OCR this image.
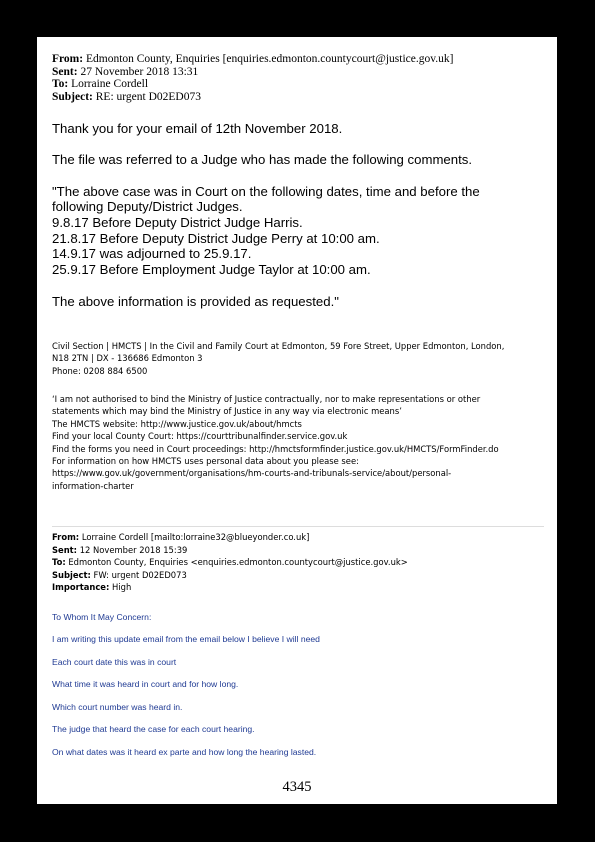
From: Edmonton County, Enquiries [enquiries.edmonton.countycourt@justice.gov.uk]
Sent: 27 November 2018 13:31
To: Lorraine Cordell
Subject: RE: urgent D02ED073
Thank you for your email of 12th November 2018.
The file was referred to a Judge who has made the following comments.
"The above case was in Court on the following dates, time and before the
following Deputy/District Judges.
9.8.17 Before Deputy District Judge Harris.
21.8.17 Before Deputy District Judge Perry at 10:00 am.
14.9.17 was adjourned to 25.9.17.
25.9.17 Before Employment Judge Taylor at 10:00 am.
The above information is provided as requested."
Civil Section | HMCTS | In the Civil and Family Court at Edmonton, 59 Fore Street, Upper Edmonton, London,
N18 2TN | DX - 136686 Edmonton 3
Phone: 0208 884 6500
‘I am not authorised to bind the Ministry of Justice contractually, nor to make representations or other
statements which may bind the Ministry of Justice in any way via electronic means’
The HMCTS website: http://www.justice.gov.uk/about/hmcts
Find your local County Court: https://courttribunalfinder.service.gov.uk
Find the forms you need in Court proceedings: http://hmctsformfinder.justice.gov.uk/HMCTS/FormFinder.do
For information on how HMCTS uses personal data about you please see:
https://www.gov.uk/government/organisations/hm-courts-and-tribunals-service/about/personal-
information-charter
From: Lorraine Cordell [mailto:lorraine32@blueyonder.co.uk]
Sent: 12 November 2018 15:39
To: Edmonton County, Enquiries <enquiries.edmonton.countycourt@justice.gov.uk>
Subject: FW: urgent D02ED073
Importance: High
To Whom It May Concern:
I am writing this update email from the email below I believe I will need
Each court date this was in court
What time it was heard in court and for how long.
Which court number was heard in.
The judge that heard the case for each court hearing.
On what dates was it heard ex parte and how long the hearing lasted.
4345
